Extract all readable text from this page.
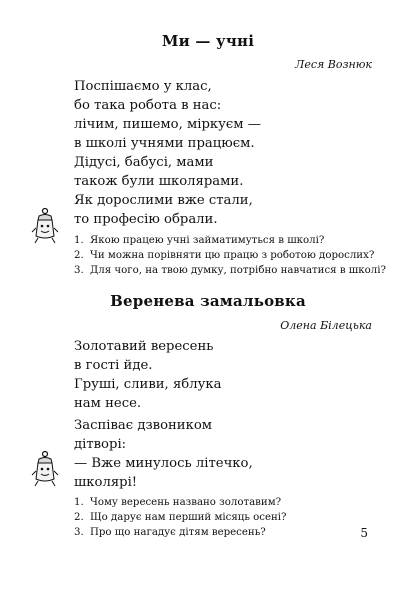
Ми — учні
Леся Вознюк
Поспішаємо у клас,
бо така робота в нас:
лічим, пишемо, міркуєм —
в школі учнями працюєм.
Дідусі, бабусі, мами
також були школярами.
Як дорослими вже стали,
то професію обрали.
1. Якою працею учні займатимуться в школі?
2. Чи можна порівняти цю працю з роботою дорослих?
3. Для чого, на твою думку, потрібно навчатися в школі?
Веренева замальовка
Олена Білецька
Золотавий вересень
в гості йде.
Груші, сливи, яблука
нам несе.
Заспіває дзвоником
дітворі:
— Вже минулось літечко,
школярі!
1. Чому вересень названо золотавим?
2. Що дарує нам перший місяць осені?
3. Про що нагадує дітям вересень?	5
